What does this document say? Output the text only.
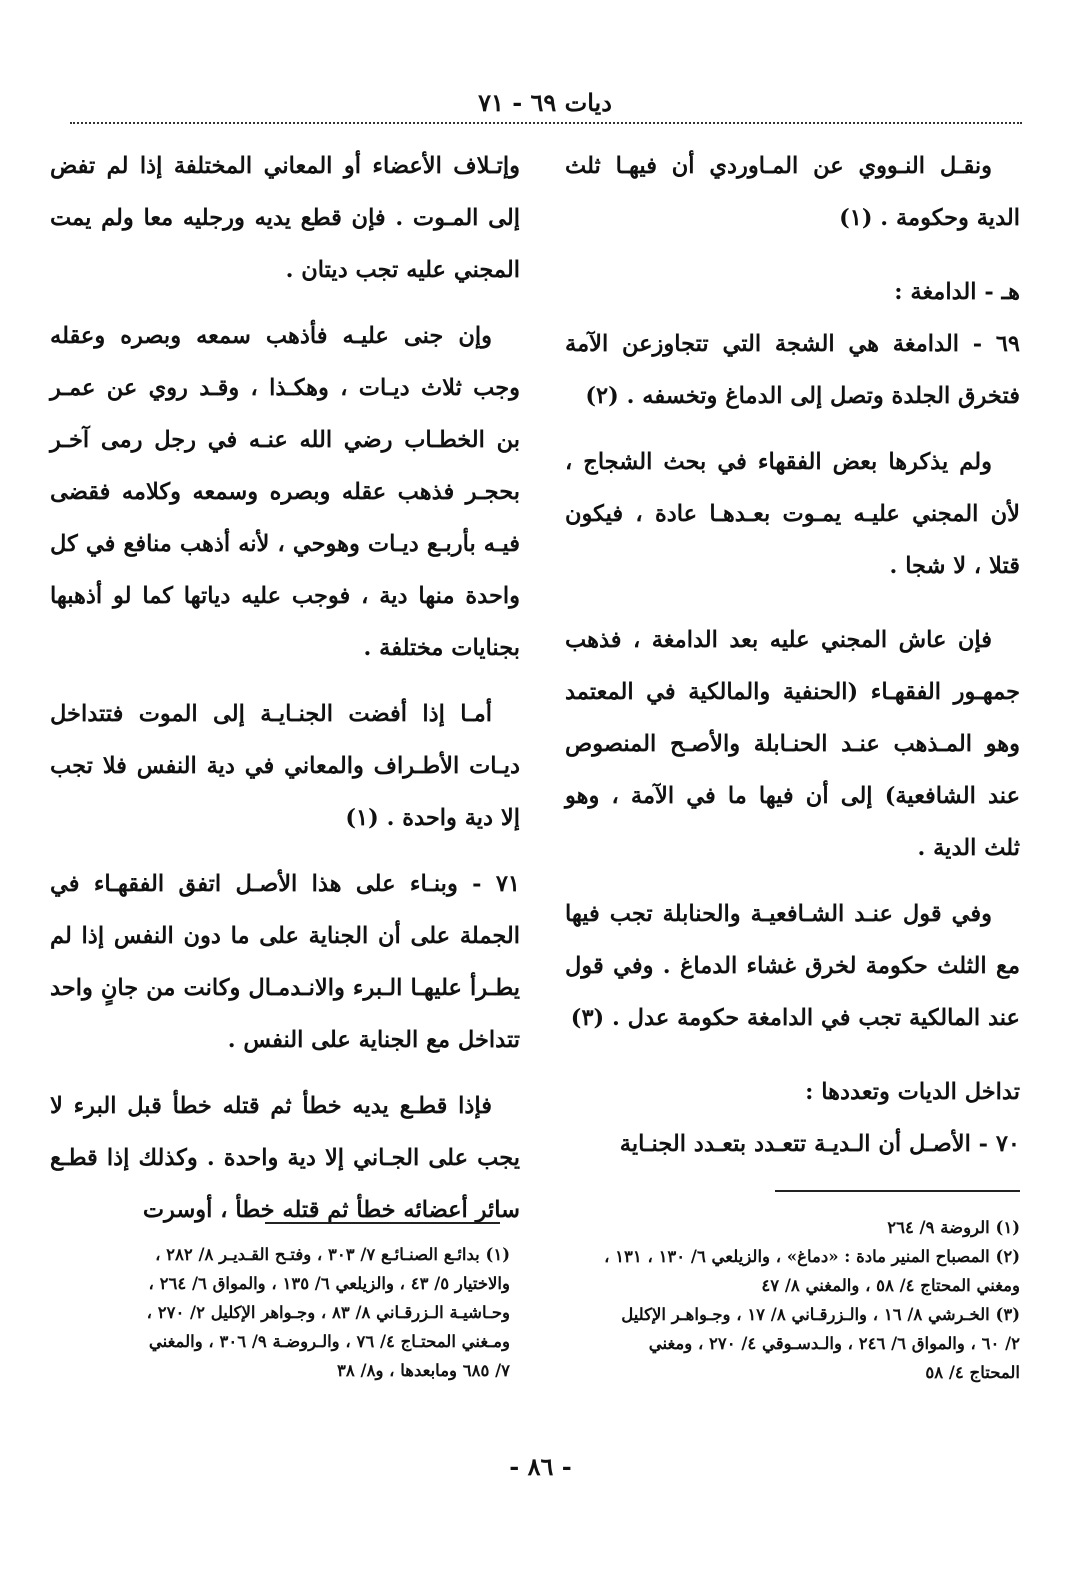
ديات ٦٩ - ٧١

ونقـل النـووي عن المـاوردي أن فيهـا ثلث الدية وحكومة . (١)

هـ - الدامغة :

٦٩ - الدامغة هي الشجة التي تتجاوزعن الآمة فتخرق الجلدة وتصل إلى الدماغ وتخسفه . (٢)

ولم يذكرها بعض الفقهاء في بحث الشجاج ، لأن المجني عليـه يمـوت بعـدهـا عادة ، فيكون قتلا ، لا شجا .

فإن عاش المجني عليه بعد الدامغة ، فذهب جمهـور الفقهـاء (الحنفية والمالكية في المعتمد وهو المـذهب عنـد الحنـابلة والأصـح المنصوص عند الشافعية) إلى أن فيها ما في الآمة ، وهو ثلث الدية .

وفي قول عنـد الشـافعيـة والحنابلة تجب فيها مع الثلث حكومة لخرق غشاء الدماغ . وفي قول عند المالكية تجب في الدامغة حكومة عدل . (٣)

تداخل الديات وتعددها :

٧٠ - الأصـل أن الـديـة تتعـدد بتعـدد الجنـاية

وإتـلاف الأعضاء أو المعاني المختلفة إذا لم تفض إلى المـوت . فإن قطع يديه ورجليه معا ولم يمت المجني عليه تجب ديتان .

وإن جنى عليـه فأذهب سمعه وبصره وعقله وجب ثلاث ديـات ، وهكـذا ، وقـد روي عن عمـر بن الخطـاب رضي الله عنـه في رجل رمى آخـر بحجـر فذهب عقله وبصره وسمعه وكلامه فقضى فيـه بأربـع ديـات وهوحي ، لأنه أذهب منافع في كل واحدة منها دية ، فوجب عليه دياتها كما لو أذهبها بجنايات مختلفة .

أمـا إذا أفضت الجنـايـة إلى الموت فتتداخل ديـات الأطـراف والمعاني في دية النفس فلا تجب إلا دية واحدة . (١)

٧١ - وبنـاء على هذا الأصـل اتفق الفقهـاء في الجملة على أن الجناية على ما دون النفس إذا لم يطـرأ عليهـا الـبرء والانـدمـال وكانت من جانٍ واحد تتداخل مع الجناية على النفس .

فإذا قطـع يديه خطأ ثم قتله خطأ قبل البرء لا يجب على الجـاني إلا دية واحدة . وكذلك إذا قطـع سائر أعضائه خطأ ثم قتله خطأ ، أوسرت

(١) الروضة ٩/ ٢٦٤
(٢) المصباح المنير مادة : «دماغ» ، والزيلعي ٦/ ١٣٠ ، ١٣١ ،
ومغني المحتاج ٤/ ٥٨ ، والمغني ٨/ ٤٧
(٣) الخـرشي ٨/ ١٦ ، والـزرقـاني ٨/ ١٧ ، وجـواهـر الإكليل
٢/ ٦٠ ، والمواق ٦/ ٢٤٦ ، والـدسـوقي ٤/ ٢٧٠ ، ومغني
المحتاج ٤/ ٥٨
(١) بدائـع الصنـائـع ٧/ ٣٠٣ ، وفتـح القـديـر ٨/ ٢٨٢ ،
والاختيار ٥/ ٤٣ ، والزيلعي ٦/ ١٣٥ ، والمواق ٦/ ٢٦٤ ،
وحـاشيـة الـزرقـاني ٨/ ٨٣ ، وجـواهر الإكليل ٢/ ٢٧٠ ،
ومـغني المحتـاج ٤/ ٧٦ ، والـروضـة ٩/ ٣٠٦ ، والمغني
٧/ ٦٨٥ ومابعدها ، و٨/ ٣٨
- ٨٦ -
